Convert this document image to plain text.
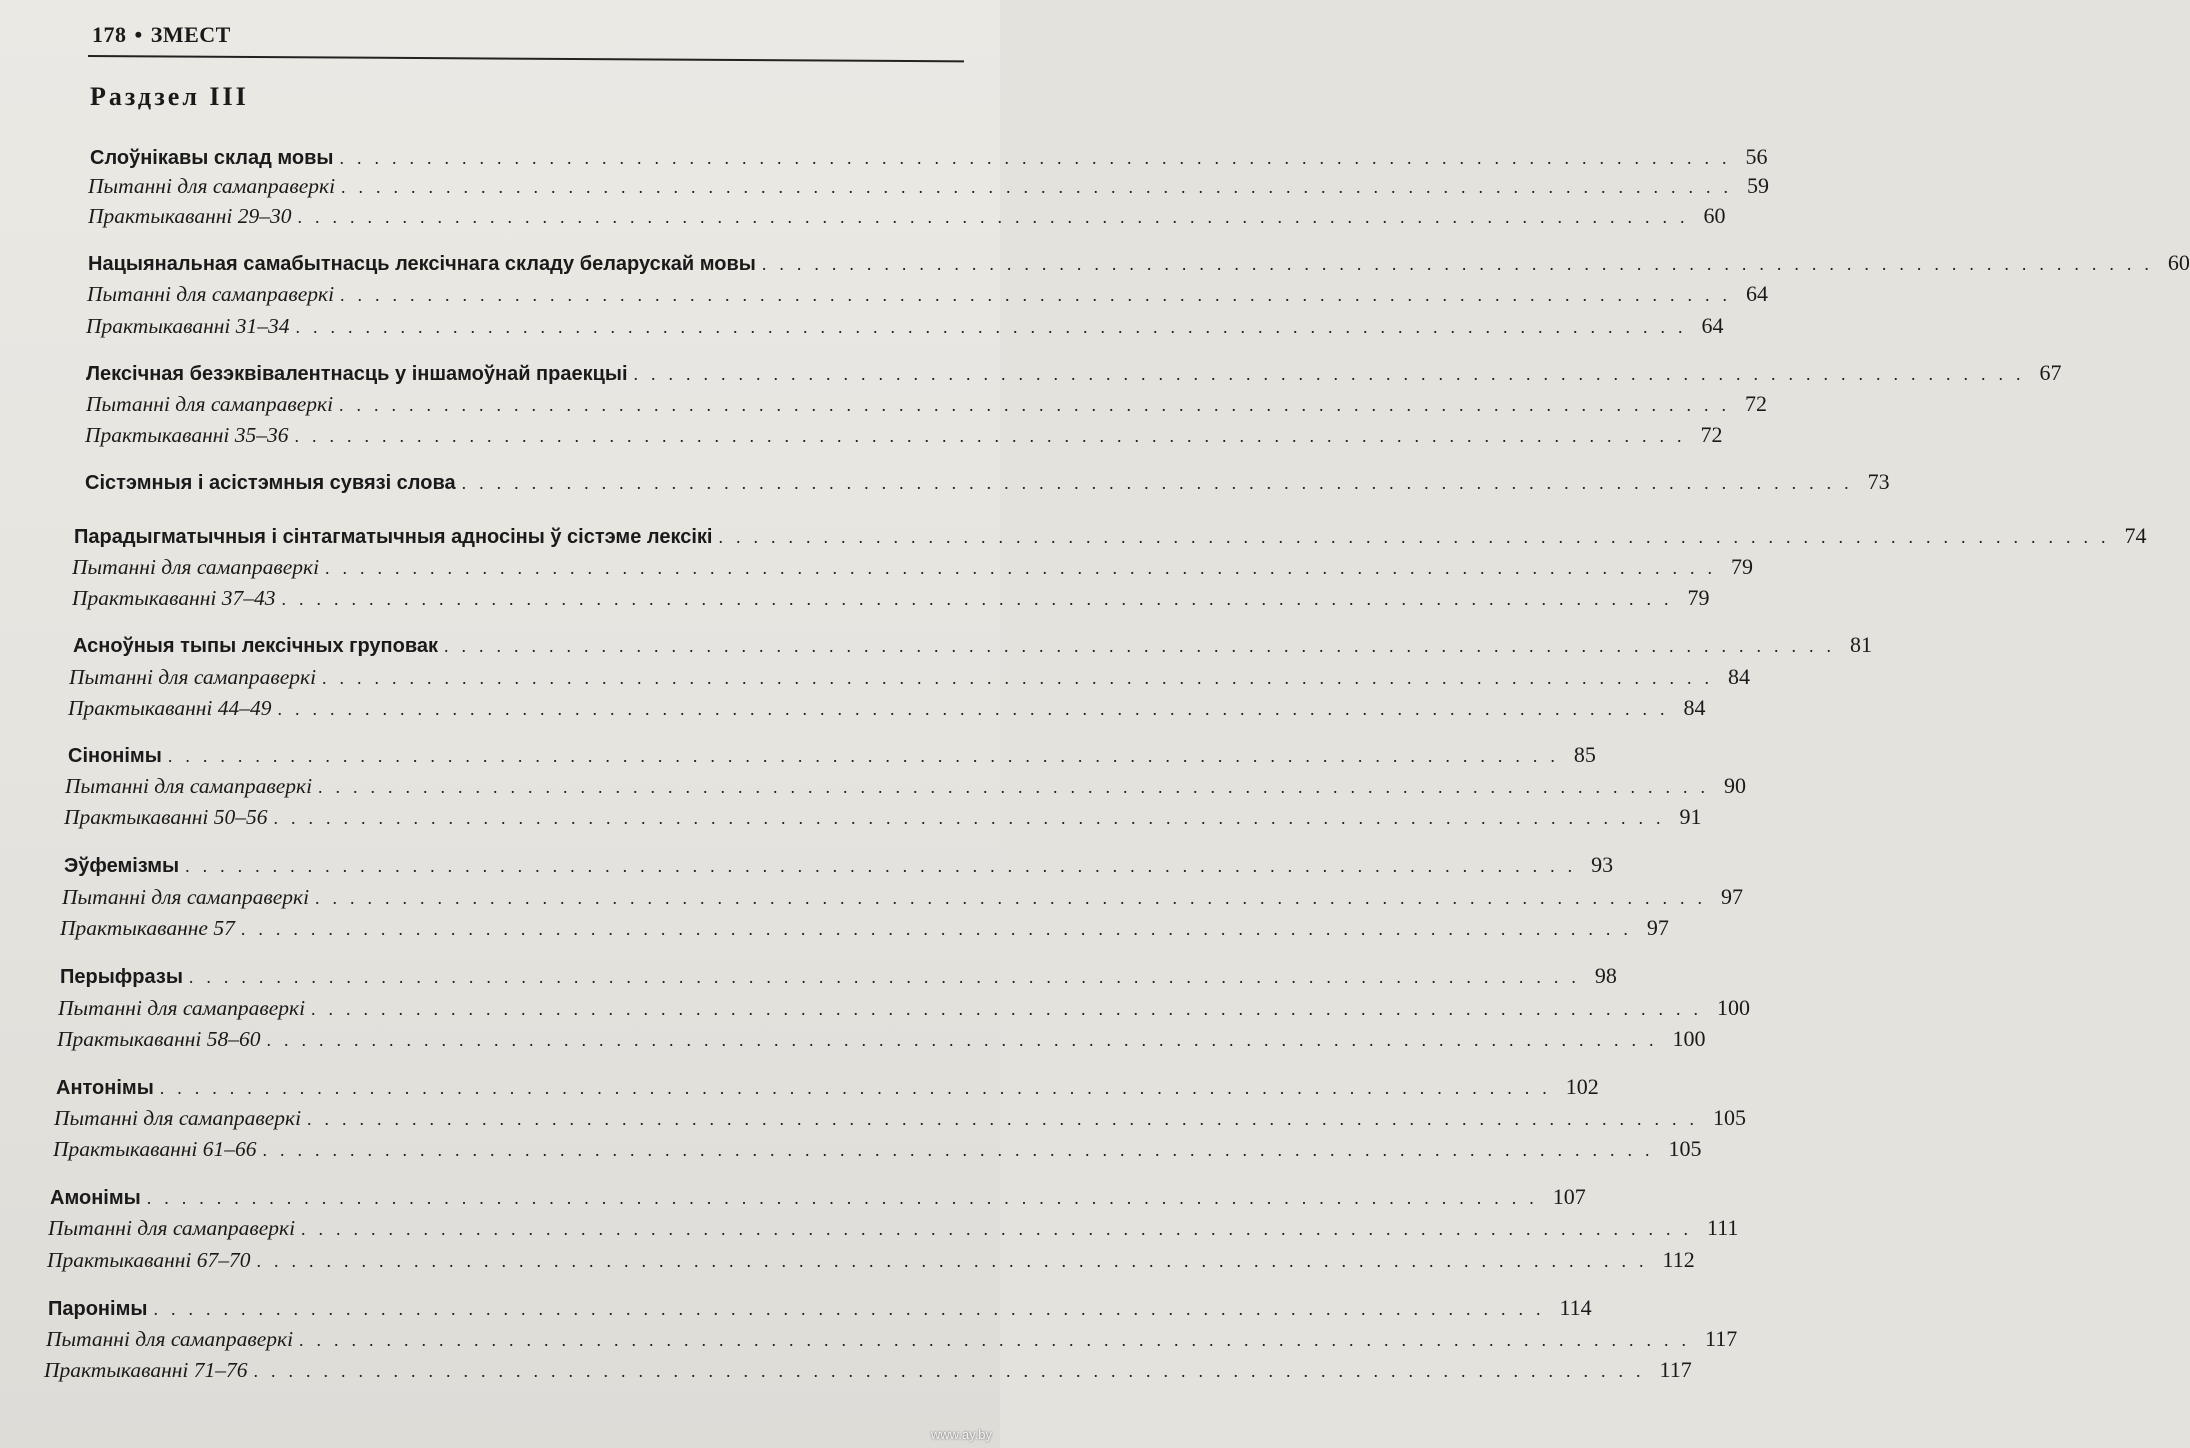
178 • ЗМЕСТ
Раздзел III
Слоўнікавы склад мовы ................................................................................ 56
Пытанні для самаправеркі ................................................................................ 59
Практыкаванні 29–30 ................................................................................ 60
Нацыянальная самабытнасць лексічнага складу беларускай мовы ................................................................................ 60
Пытанні для самаправеркі ................................................................................ 64
Практыкаванні 31–34 ................................................................................ 64
Лексічная безэквівалентнасць у іншамоўнай праекцыі ................................................................................ 67
Пытанні для самаправеркі ................................................................................ 72
Практыкаванні 35–36 ................................................................................ 72
Сістэмныя і асістэмныя сувязі слова ................................................................................ 73
Парадыгматычныя і сінтагматычныя адносіны ў сістэме лексікі ................................................................................ 74
Пытанні для самаправеркі ................................................................................ 79
Практыкаванні 37–43 ................................................................................ 79
Асноўныя тыпы лексічных груповак ................................................................................ 81
Пытанні для самаправеркі ................................................................................ 84
Практыкаванні 44–49 ................................................................................ 84
Сінонімы ................................................................................ 85
Пытанні для самаправеркі ................................................................................ 90
Практыкаванні 50–56 ................................................................................ 91
Эўфемізмы ................................................................................ 93
Пытанні для самаправеркі ................................................................................ 97
Практыкаванне 57 ................................................................................ 97
Перыфразы ................................................................................ 98
Пытанні для самаправеркі ................................................................................ 100
Практыкаванні 58–60 ................................................................................ 100
Антонімы ................................................................................ 102
Пытанні для самаправеркі ................................................................................ 105
Практыкаванні 61–66 ................................................................................ 105
Амонімы ................................................................................ 107
Пытанні для самаправеркі ................................................................................ 111
Практыкаванні 67–70 ................................................................................ 112
Паронімы ................................................................................ 114
Пытанні для самаправеркі ................................................................................ 117
Практыкаванні 71–76 ................................................................................ 117
www.ay.by
